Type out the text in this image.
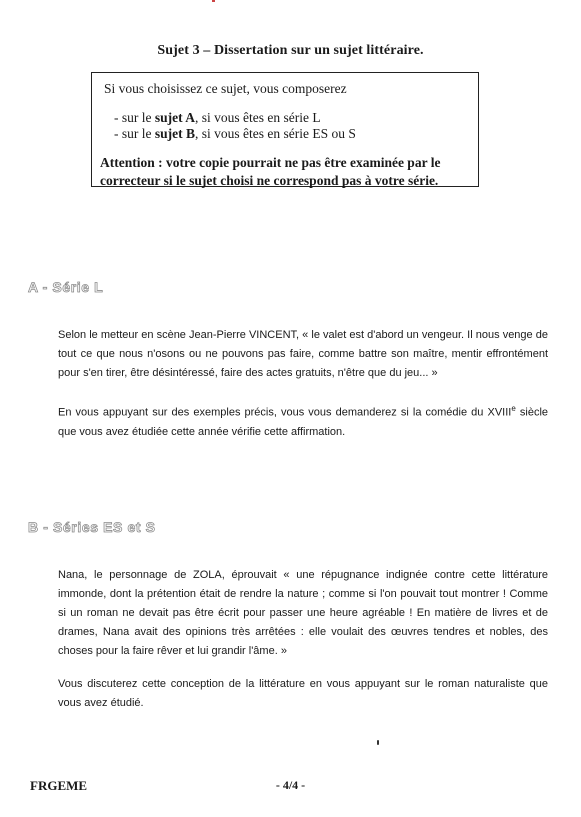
Sujet 3 – Dissertation sur un sujet littéraire.

Si vous choisissez ce sujet, vous composerez

- sur le sujet A, si vous êtes en série L
- sur le sujet B, si vous êtes en série ES ou S

Attention : votre copie pourrait ne pas être examinée par le correcteur si le sujet choisi ne correspond pas à votre série.

A - Série L

Selon le metteur en scène Jean-Pierre VINCENT, « le valet est d'abord un vengeur. Il nous venge de tout ce que nous n'osons ou ne pouvons pas faire, comme battre son maître, mentir effrontément pour s'en tirer, être désintéressé, faire des actes gratuits, n'être que du jeu... »

En vous appuyant sur des exemples précis, vous vous demanderez si la comédie du XVIIIe siècle que vous avez étudiée cette année vérifie cette affirmation.

B - Séries ES et S

Nana, le personnage de ZOLA, éprouvait « une répugnance indignée contre cette littérature immonde, dont la prétention était de rendre la nature ; comme si l'on pouvait tout montrer ! Comme si un roman ne devait pas être écrit pour passer une heure agréable ! En matière de livres et de drames, Nana avait des opinions très arrêtées : elle voulait des œuvres tendres et nobles, des choses pour la faire rêver et lui grandir l'âme. »

Vous discuterez cette conception de la littérature en vous appuyant sur le roman naturaliste que vous avez étudié.

FRGEME	- 4/4 -
